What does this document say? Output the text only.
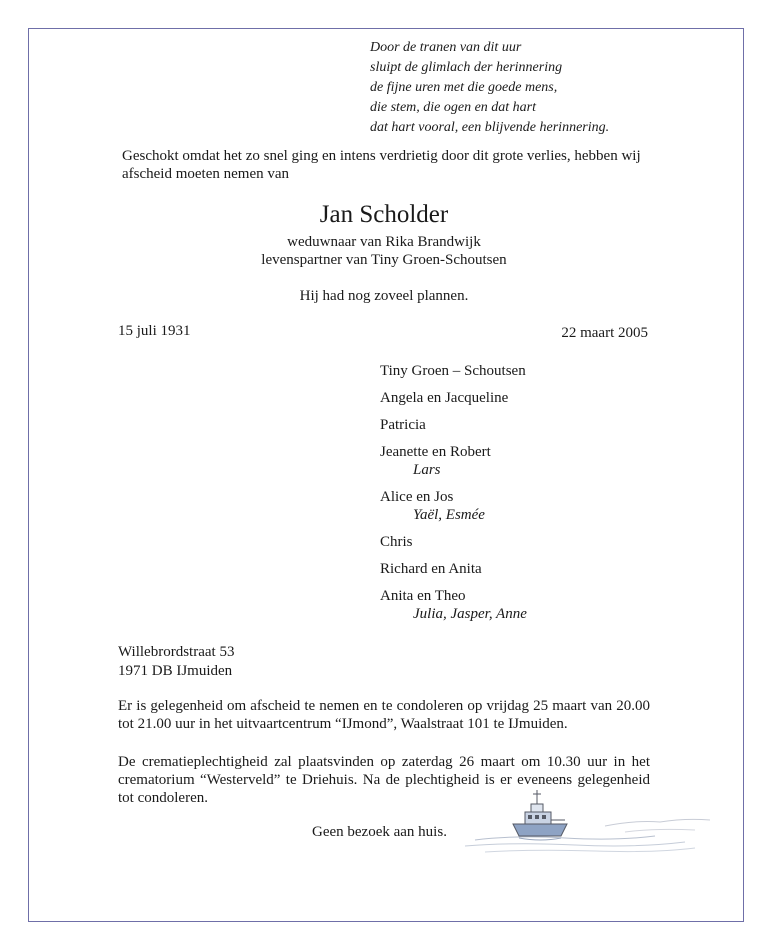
Door de tranen van dit uur
sluipt de glimlach der herinnering
de fijne uren met die goede mens,
die stem, die ogen en dat hart
dat hart vooral, een blijvende herinnering.
Geschokt omdat het zo snel ging en intens verdrietig door dit grote verlies, hebben wij afscheid moeten nemen van
Jan Scholder
weduwnaar van Rika Brandwijk
levenspartner van Tiny Groen-Schoutsen
Hij had nog zoveel plannen.
15 juli 1931	22 maart 2005
Tiny Groen – Schoutsen
Angela en Jacqueline
Patricia
Jeanette en Robert
Lars
Alice en Jos
Yaël, Esmée
Chris
Richard en Anita
Anita en Theo
Julia, Jasper, Anne
Willebrordstraat 53
1971 DB IJmuiden
Er is gelegenheid om afscheid te nemen en te condoleren op vrijdag 25 maart van 20.00 tot 21.00 uur in het uitvaartcentrum “IJmond”, Waalstraat 101 te IJmuiden.
De crematieplechtigheid zal plaatsvinden op zaterdag 26 maart om 10.30 uur in het crematorium “Westerveld” te Driehuis. Na de plechtigheid is er eveneens gelegenheid tot condoleren.
Geen bezoek aan huis.
